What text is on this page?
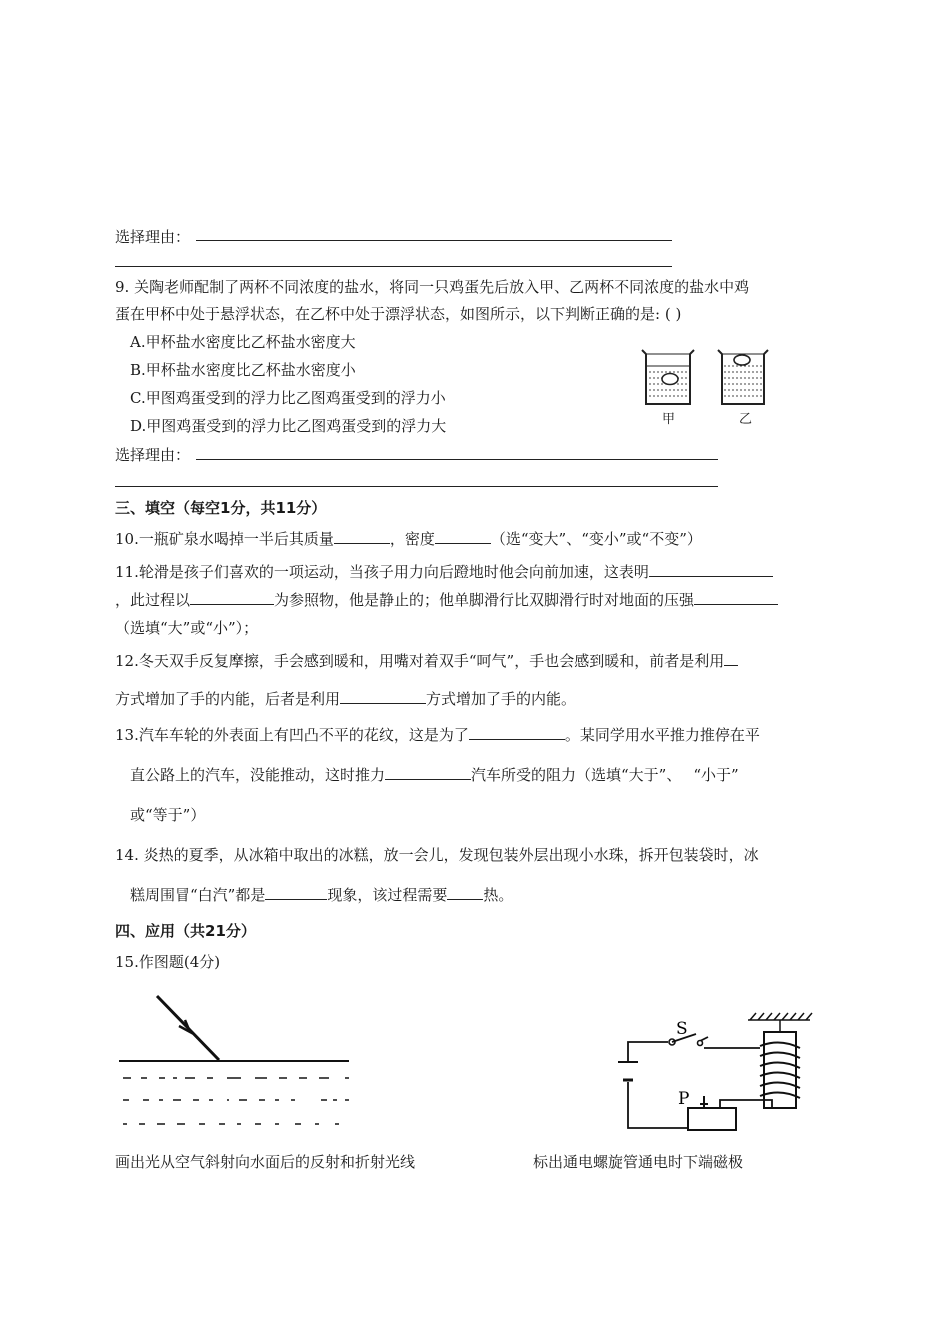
选择理由：
9. 关陶老师配制了两杯不同浓度的盐水，将同一只鸡蛋先后放入甲、乙两杯不同浓度的盐水中鸡
蛋在甲杯中处于悬浮状态，在乙杯中处于漂浮状态，如图所示，以下判断正确的是: ( )
A.甲杯盐水密度比乙杯盐水密度大
B.甲杯盐水密度比乙杯盐水密度小
C.甲图鸡蛋受到的浮力比乙图鸡蛋受到的浮力小
D.甲图鸡蛋受到的浮力比乙图鸡蛋受到的浮力大
选择理由：
甲	乙
三、填空（每空1分，共11分）
10.一瓶矿泉水喝掉一半后其质量	，密度	（选“变大”、“变小”或“不变”）
11.轮滑是孩子们喜欢的一项运动，当孩子用力向后蹬地时他会向前加速，这表明
，此过程以	为参照物，他是静止的；他单脚滑行比双脚滑行时对地面的压强
（选填“大”或“小”）；
12.冬天双手反复摩擦，手会感到暖和，用嘴对着双手“呵气”，手也会感到暖和，前者是利用
方式增加了手的内能，后者是利用	方式增加了手的内能。
13.汽车车轮的外表面上有凹凸不平的花纹，这是为了	。某同学用水平推力推停在平
直公路上的汽车，没能推动，这时推力	汽车所受的阻力（选填“大于”、 “小于”
或“等于”）
14. 炎热的夏季，从冰箱中取出的冰糕，放一会儿，发现包装外层出现小水珠，拆开包装袋时，冰
糕周围冒“白汽”都是	现象，该过程需要 热。
四、应用（共21分）
15.作图题(4分)
画出光从空气斜射向水面后的反射和折射光线
S
P
标出通电螺旋管通电时下端磁极
